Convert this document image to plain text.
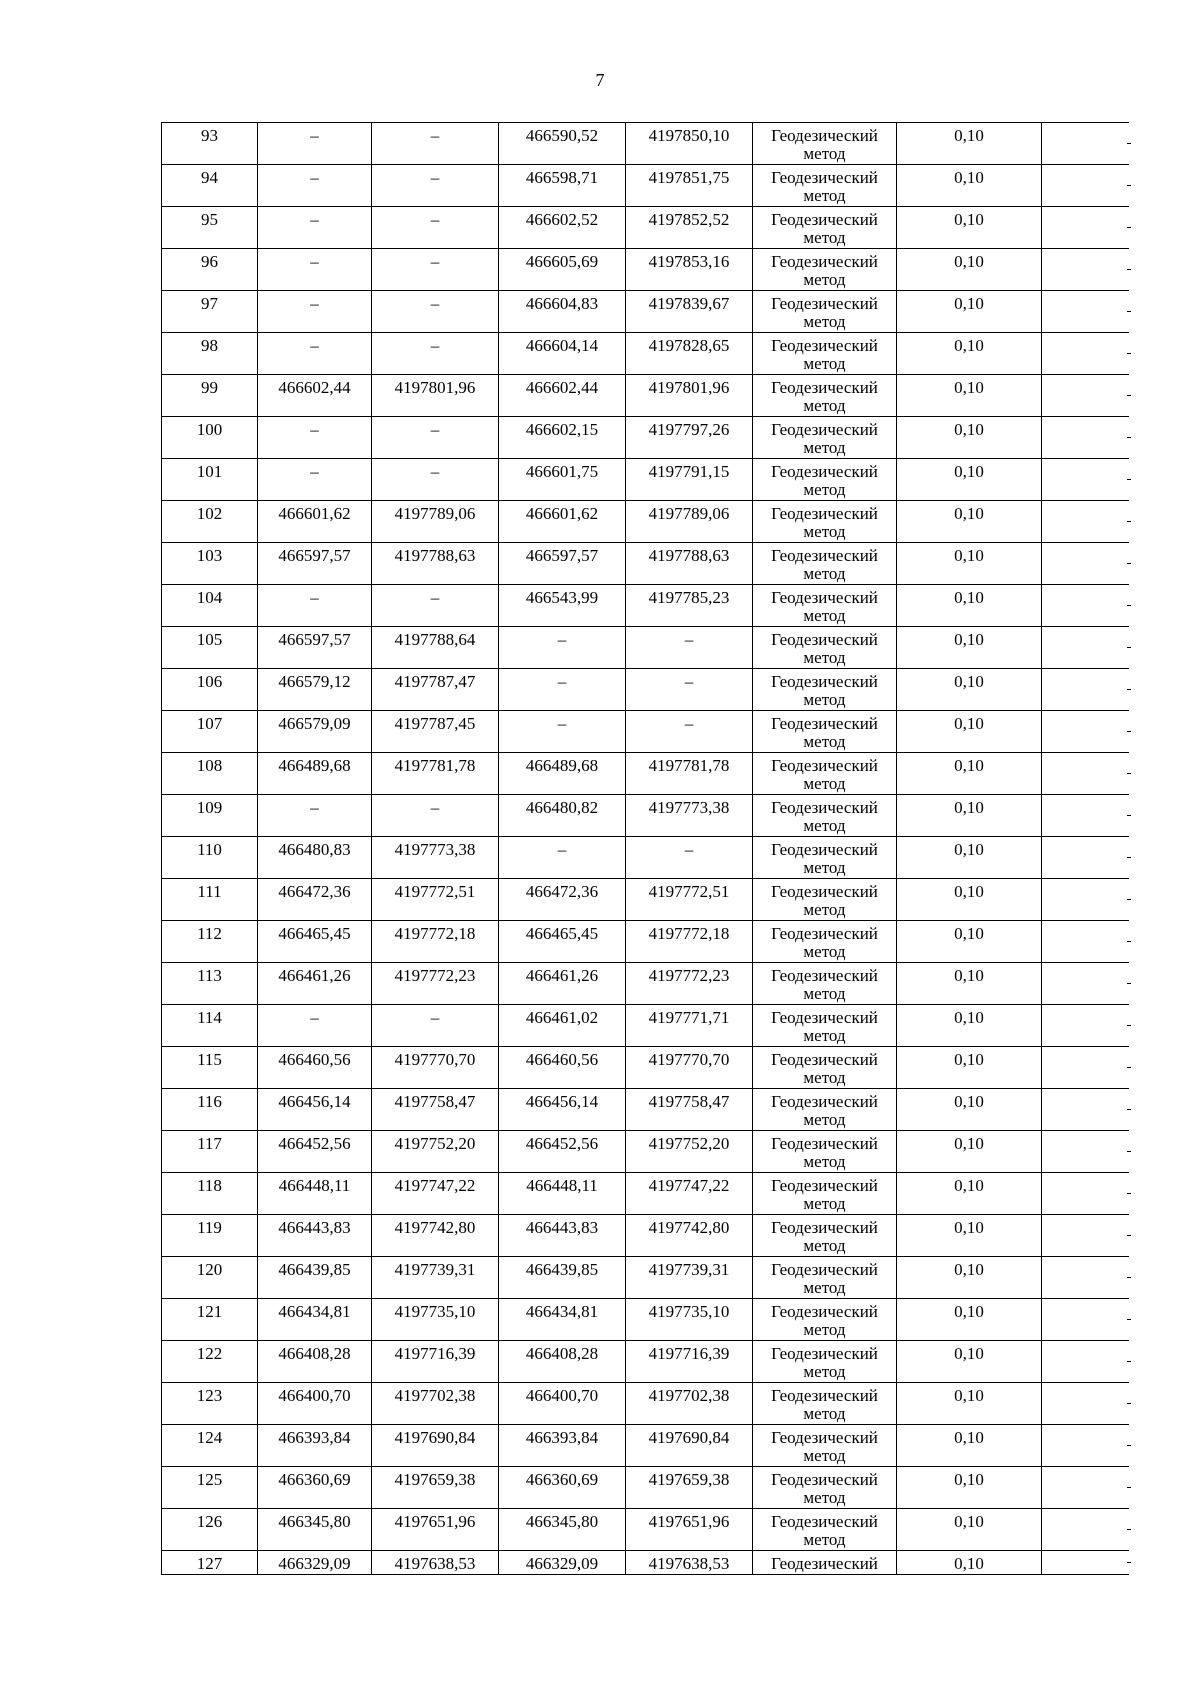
7
93	–	–	466590,52	4197850,10	Геодезический
метод	0,10	

94	–	–	466598,71	4197851,75	Геодезический
метод	0,10	

95	–	–	466602,52	4197852,52	Геодезический
метод	0,10	

96	–	–	466605,69	4197853,16	Геодезический
метод	0,10	

97	–	–	466604,83	4197839,67	Геодезический
метод	0,10	

98	–	–	466604,14	4197828,65	Геодезический
метод	0,10	

99	466602,44	4197801,96	466602,44	4197801,96	Геодезический
метод	0,10	

100	–	–	466602,15	4197797,26	Геодезический
метод	0,10	

101	–	–	466601,75	4197791,15	Геодезический
метод	0,10	

102	466601,62	4197789,06	466601,62	4197789,06	Геодезический
метод	0,10	

103	466597,57	4197788,63	466597,57	4197788,63	Геодезический
метод	0,10	

104	–	–	466543,99	4197785,23	Геодезический
метод	0,10	

105	466597,57	4197788,64	–	–	Геодезический
метод	0,10	

106	466579,12	4197787,47	–	–	Геодезический
метод	0,10	

107	466579,09	4197787,45	–	–	Геодезический
метод	0,10	

108	466489,68	4197781,78	466489,68	4197781,78	Геодезический
метод	0,10	

109	–	–	466480,82	4197773,38	Геодезический
метод	0,10	

110	466480,83	4197773,38	–	–	Геодезический
метод	0,10	

111	466472,36	4197772,51	466472,36	4197772,51	Геодезический
метод	0,10	

112	466465,45	4197772,18	466465,45	4197772,18	Геодезический
метод	0,10	

113	466461,26	4197772,23	466461,26	4197772,23	Геодезический
метод	0,10	

114	–	–	466461,02	4197771,71	Геодезический
метод	0,10	

115	466460,56	4197770,70	466460,56	4197770,70	Геодезический
метод	0,10	

116	466456,14	4197758,47	466456,14	4197758,47	Геодезический
метод	0,10	

117	466452,56	4197752,20	466452,56	4197752,20	Геодезический
метод	0,10	

118	466448,11	4197747,22	466448,11	4197747,22	Геодезический
метод	0,10	

119	466443,83	4197742,80	466443,83	4197742,80	Геодезический
метод	0,10	

120	466439,85	4197739,31	466439,85	4197739,31	Геодезический
метод	0,10	

121	466434,81	4197735,10	466434,81	4197735,10	Геодезический
метод	0,10	

122	466408,28	4197716,39	466408,28	4197716,39	Геодезический
метод	0,10	

123	466400,70	4197702,38	466400,70	4197702,38	Геодезический
метод	0,10	

124	466393,84	4197690,84	466393,84	4197690,84	Геодезический
метод	0,10	

125	466360,69	4197659,38	466360,69	4197659,38	Геодезический
метод	0,10	

126	466345,80	4197651,96	466345,80	4197651,96	Геодезический
метод	0,10	

127	466329,09	4197638,53	466329,09	4197638,53	Геодезический	0,10	
